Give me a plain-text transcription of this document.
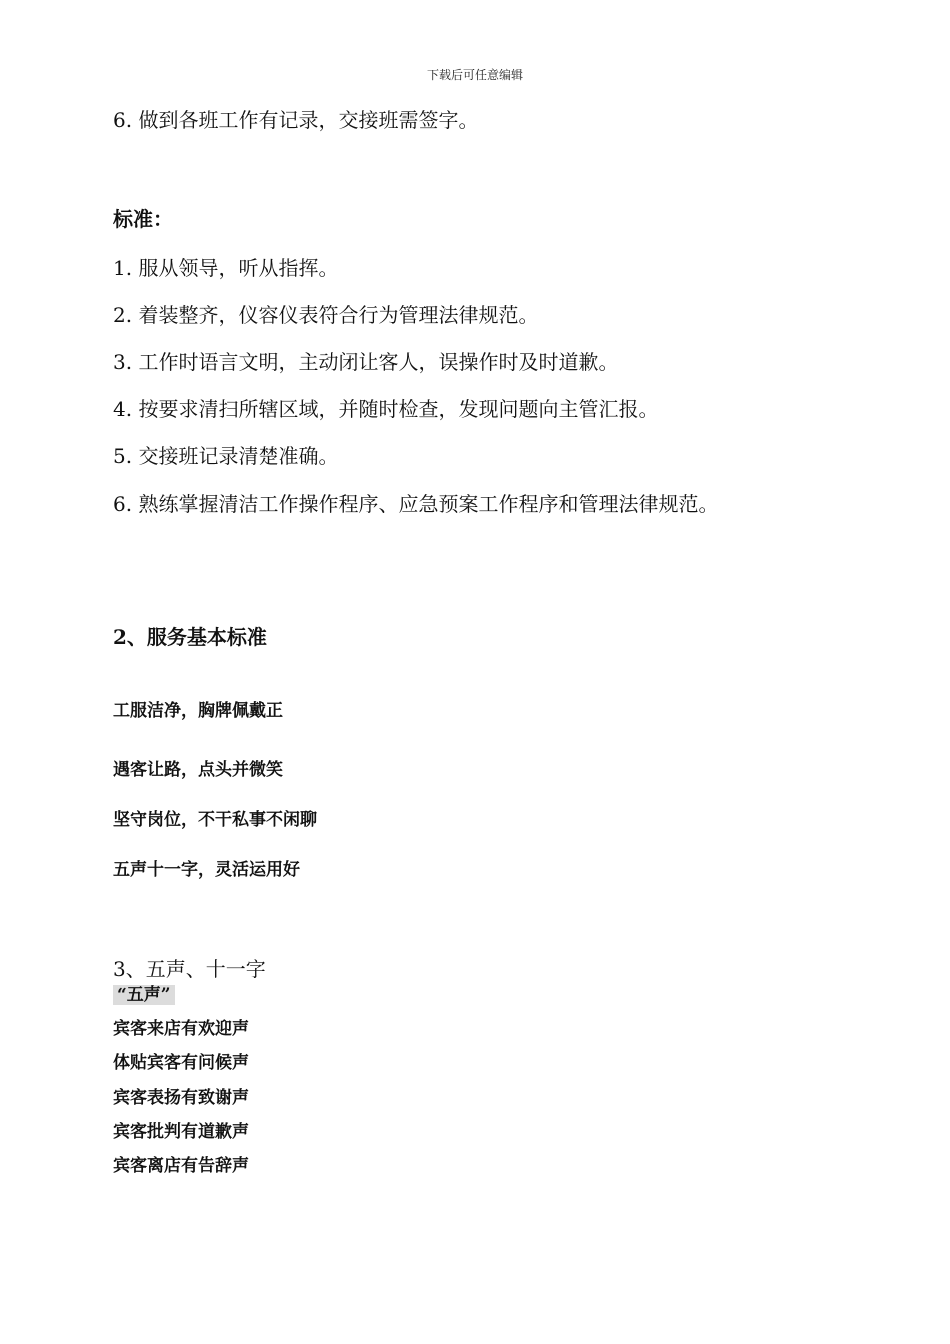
下载后可任意编辑
6. 做到各班工作有记录，交接班需签字。
标准：
1. 服从领导，听从指挥。
2. 着装整齐，仪容仪表符合行为管理法律规范。
3. 工作时语言文明，主动闭让客人，误操作时及时道歉。
4. 按要求清扫所辖区域，并随时检查，发现问题向主管汇报。
5. 交接班记录清楚准确。
6. 熟练掌握清洁工作操作程序、应急预案工作程序和管理法律规范。
2、服务基本标准
工服洁净，胸牌佩戴正
遇客让路，点头并微笑
坚守岗位，不干私事不闲聊
五声十一字，灵活运用好
3、五声、十一字
“五声”
宾客来店有欢迎声
体贴宾客有问候声
宾客表扬有致谢声
宾客批判有道歉声
宾客离店有告辞声
